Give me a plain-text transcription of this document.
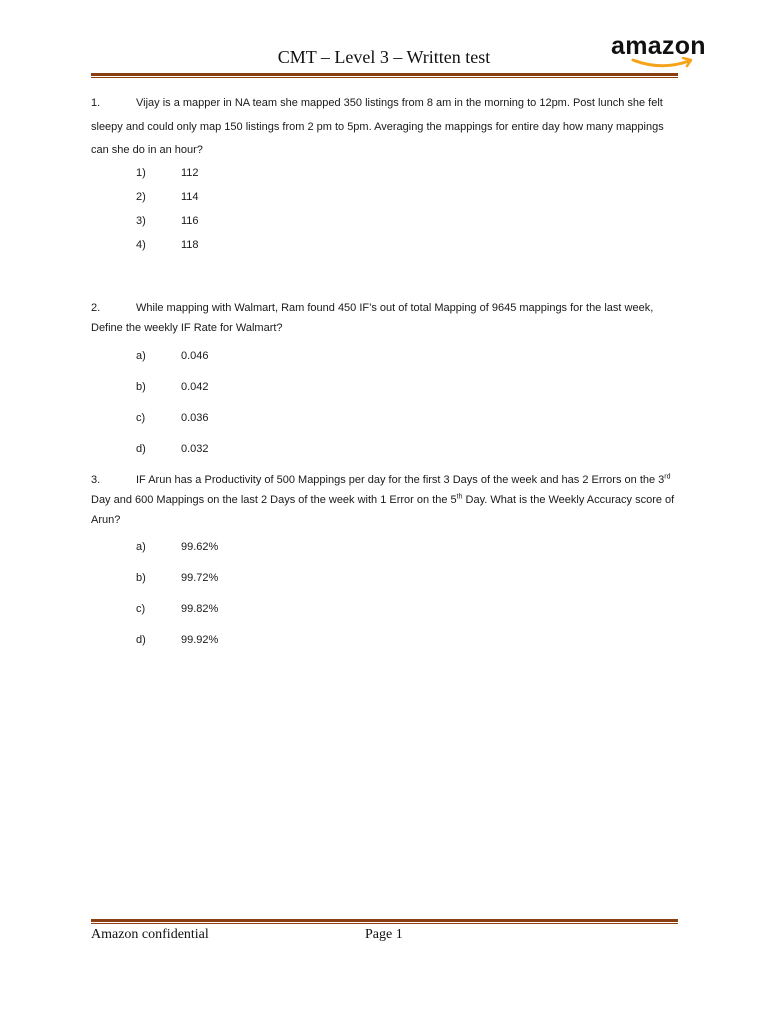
CMT – Level 3 – Written test	amazon
1.	Vijay is a mapper in NA team she mapped 350 listings from 8 am in the morning to 12pm. Post lunch she felt sleepy and could only map 150 listings from 2 pm to 5pm. Averaging the mappings for entire day how many mappings can she do in an hour?

1)	112
2)	114
3)	116
4)	118
2.	While mapping with Walmart, Ram found 450 IF’s out of total Mapping of 9645 mappings for the last week, Define the weekly IF Rate for Walmart?

a)	0.046
b)	0.042
c)	0.036
d)	0.032
3.	IF Arun has a Productivity of 500 Mappings per day for the first 3 Days of the week and has 2 Errors on the 3rd Day and 600 Mappings on the last 2 Days of the week with 1 Error on the 5th Day. What is the Weekly Accuracy score of Arun?

a)	99.62%
b)	99.72%
c)	99.82%
d)	99.92%
Amazon confidential	Page 1
